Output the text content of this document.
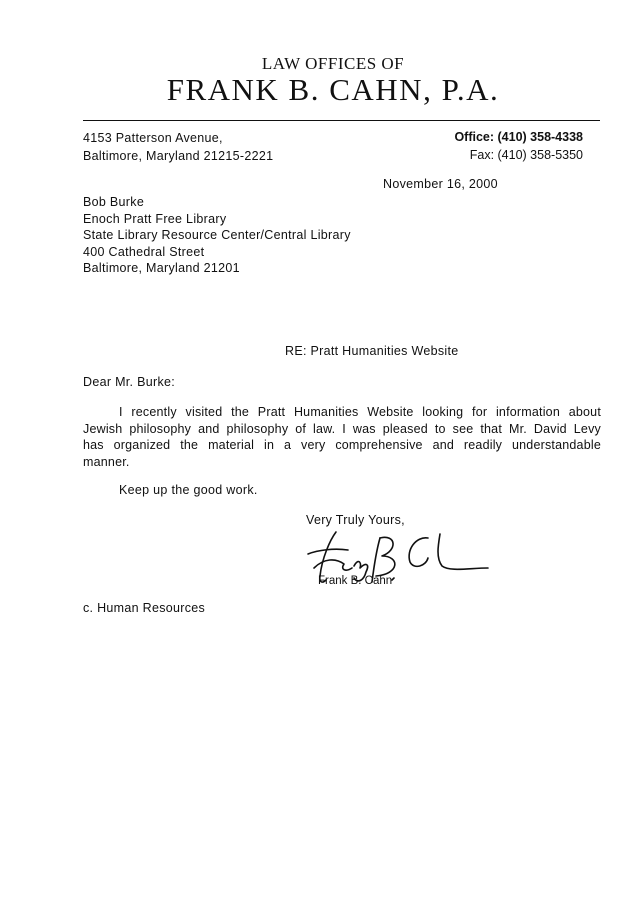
LAW OFFICES OF
FRANK B. CAHN, P.A.
4153 Patterson Avenue,
Baltimore, Maryland 21215-2221
Office: (410) 358-4338
Fax: (410) 358-5350
November 16, 2000
Bob Burke
Enoch Pratt Free Library
State Library Resource Center/Central Library
400 Cathedral Street
Baltimore, Maryland 21201
RE: Pratt Humanities Website
Dear Mr. Burke:
I recently visited the Pratt Humanities Website looking for information about
Jewish philosophy and philosophy of law. I was pleased to see that Mr. David Levy
has organized the material in a very comprehensive and readily understandable
manner.
Keep up the good work.
Very Truly Yours,
Frank B. Cahn
c. Human Resources
